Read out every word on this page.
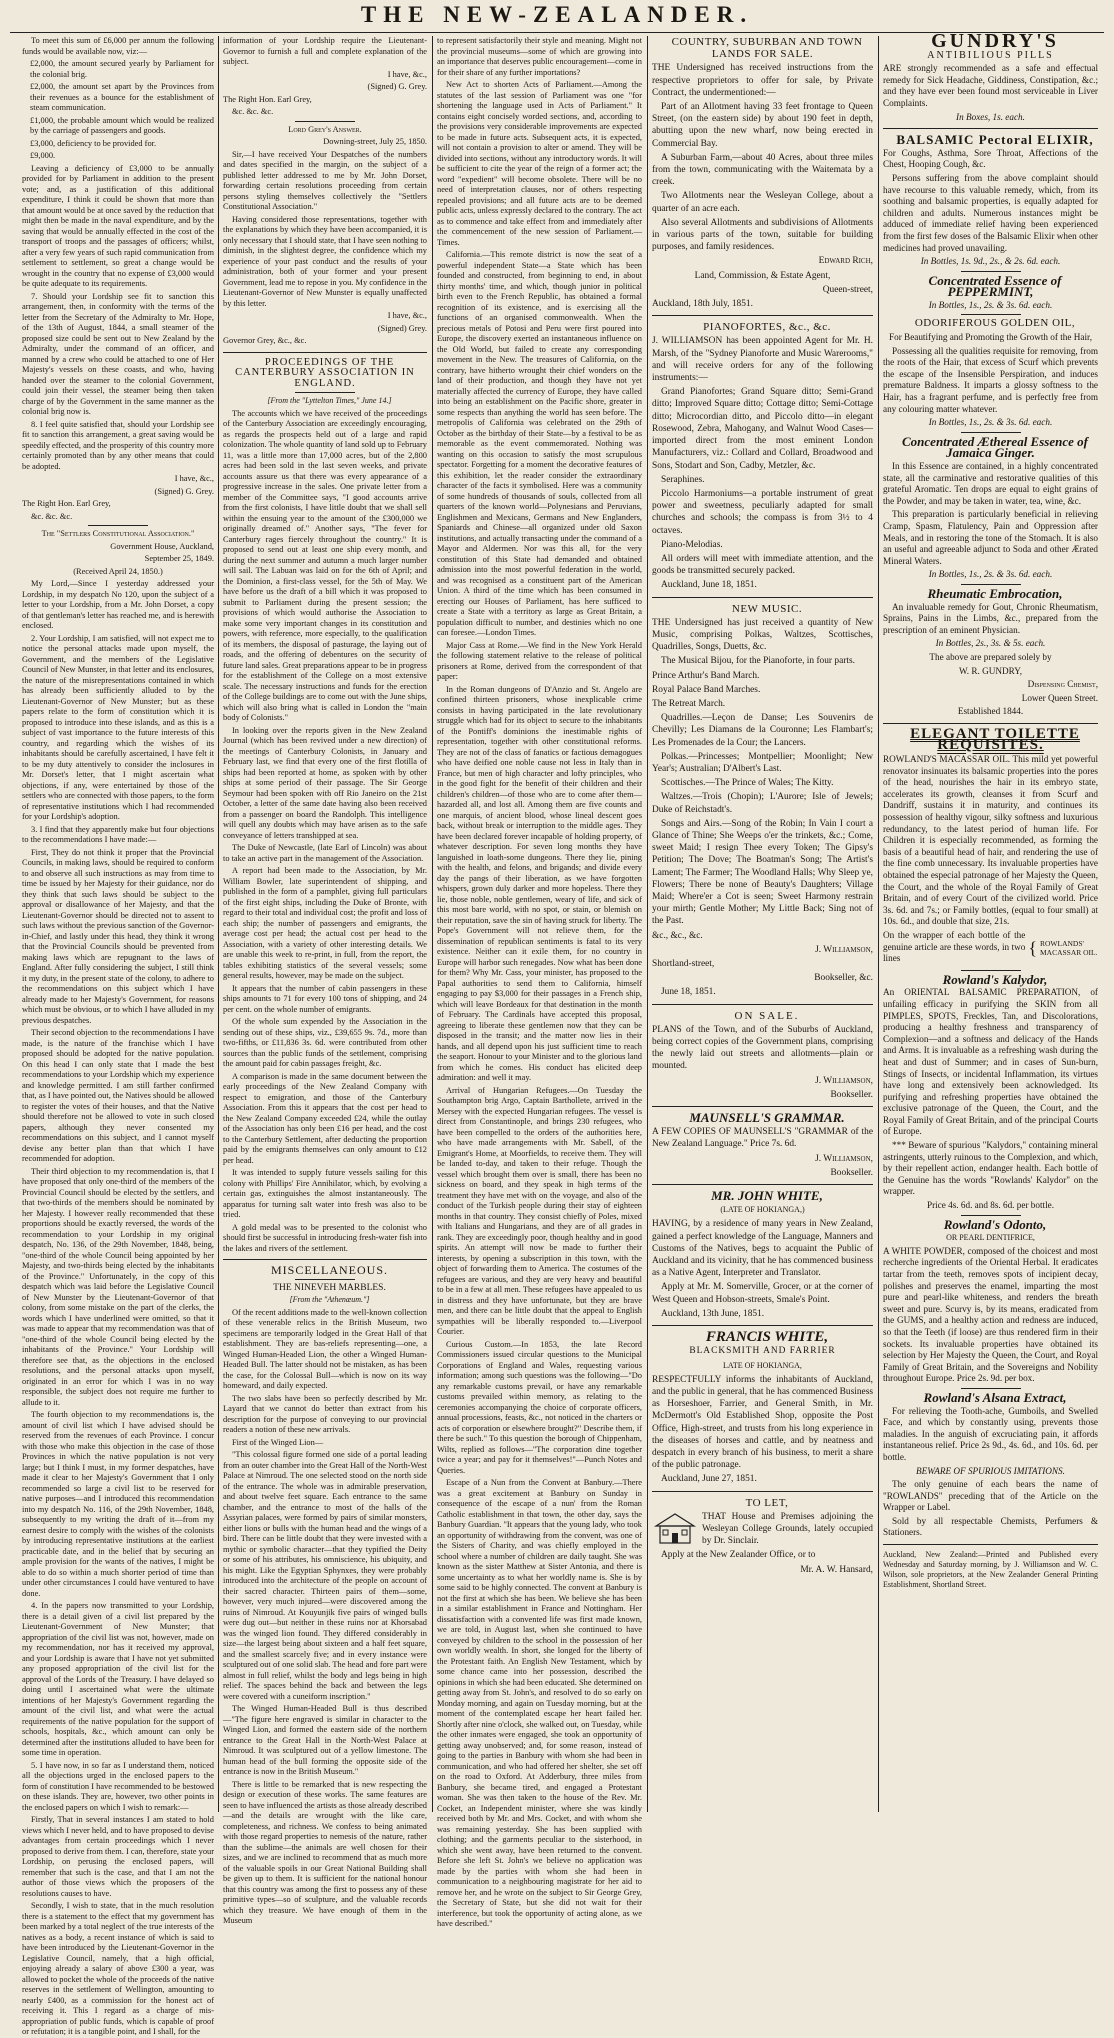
THE NEW-ZEALANDER.

To meet this sum of £6,000 per annum the following funds would be available now, viz:—

£2,000, the amount secured yearly by Parliament for the colonial brig.

£2,000, the amount set apart by the Provinces from their revenues as a bounce for the establishment of steam communication.

£1,000, the probable amount which would be realized by the carriage of passengers and goods.

£3,000, deficiency to be provided for.

£9,000.

Leaving a deficiency of £3,000 to be annually provided for by Parliament in addition to the present vote; and, as a justification of this additional expenditure, I think it could be shown that more than that amount would be at once saved by the reduction that might then be made in the naval expenditure, and by the saving that would be annually effected in the cost of the transport of troops and the passages of officers; whilst, after a very few years of such rapid communication from settlement to settlement, so great a change would be wrought in the country that no expense of £3,000 would be quite adequate to its requirements.

7. Should your Lordship see fit to sanction this arrangement, then, in conformity with the terms of the letter from the Secretary of the Admiralty to Mr. Hope, of the 13th of August, 1844, a small steamer of the proposed size could be sent out to New Zealand by the Admiralty, under the command of an officer, and manned by a crew who could be attached to one of Her Majesty's vessels on these coasts, and who, having handed over the steamer to the colonial Government, could join their vessel, the steamer being then taken charge of by the Government in the same manner as the colonial brig now is.

8. I feel quite satisfied that, should your Lordship see fit to sanction this arrangement, a great saving would be speedily effected, and the prosperity of this country more certainly promoted than by any other means that could be adopted.

I have, &c.,

(Signed) G. Grey.

The Right Hon. Earl Grey,

&c. &c. &c.

The "Settlers Constitutional Association."

Government House, Auckland,

September 25, 1849.

(Received April 24, 1850.)

My Lord,—Since I yesterday addressed your Lordship, in my despatch No 120, upon the subject of a letter to your Lordship, from a Mr. John Dorset, a copy of that gentleman's letter has reached me, and is herewith enclosed.

2. Your Lordship, I am satisfied, will not expect me to notice the personal attacks made upon myself, the Government, and the members of the Legislative Council of New Munster, in that letter and its enclosures, the nature of the misrepresentations contained in which has already been sufficiently alluded to by the Lieutenant-Governor of New Munster; but as these papers relate to the form of constitution which it is proposed to introduce into these islands, and as this is a subject of vast importance to the future interests of this country, and regarding which the wishes of its inhabitants should be carefully ascertained, I have felt it to be my duty attentively to consider the inclosures in Mr. Dorset's letter, that I might ascertain what objections, if any, were entertained by those of the settlers who are connected with those papers, to the form of representative institutions which I had recommended for your Lordship's adoption.

3. I find that they apparently make but four objections to the recommendations I have made:—

First, They do not think it proper that the Provincial Councils, in making laws, should be required to conform to and observe all such instructions as may from time to time be issued by her Majesty for their guidance, nor do they think that such laws should be subject to the approval or disallowance of her Majesty, and that the Lieutenant-Governor should be directed not to assent to such laws without the previous sanction of the Governor-in-Chief, and lastly under this head, they think it wrong that the Provincial Councils should be prevented from making laws which are repugnant to the laws of England. After fully considering the subject, I still think it my duty, in the present state of the colony, to adhere to the recommendations on this subject which I have already made to her Majesty's Government, for reasons which must be obvious, or to which I have alluded in my previous despatches.

Their second objection to the recommendations I have made, is the nature of the franchise which I have proposed should be adopted for the native population. On this head I can only state that I made the best recommendations to your Lordship which my experience and knowledge permitted. I am still farther confirmed that, as I have pointed out, the Natives should be allowed to register the votes of their houses, and that the Native should therefore not be allowed to vote in such closed papers, although they never consented my recommendations on this subject, and I cannot myself devise any better plan than that which I have recommended for adoption.

Their third objection to my recommendation is, that I have proposed that only one-third of the members of the Provincial Council should be elected by the settlers, and that two-thirds of the members should be nominated by her Majesty. I however really recommended that these proportions should be exactly reversed, the words of the recommendation to your Lordship in my original despatch, No. 136, of the 29th November, 1848, being, "one-third of the whole Council being appointed by her Majesty, and two-thirds being elected by the inhabitants of the Province." Unfortunately, in the copy of this despatch which was laid before the Legislative Council of New Munster by the Lieutenant-Governor of that colony, from some mistake on the part of the clerks, the words which I have underlined were omitted, so that it was made to appear that my recommendation was that of "one-third of the whole Council being elected by the inhabitants of the Province." Your Lordship will therefore see that, as the objections in the enclosed resolutions, and the personal attacks upon myself, originated in an error for which I was in no way responsible, the subject does not require me further to allude to it.

The fourth objection to my recommendations is, the amount of civil list which I have advised should be reserved from the revenues of each Province. I concur with those who make this objection in the case of those Provinces in which the native population is not very large; but I think I must, in my former despatches, have made it clear to her Majesty's Government that I only recommended so large a civil list to be reserved for native purposes—and I introduced this recommendation into my despatch No. 116, of the 29th November, 1848, subsequently to my writing the draft of it—from my earnest desire to comply with the wishes of the colonists by introducing representative institutions at the earliest practicable date, and in the belief that by securing an ample provision for the wants of the natives, I might be able to do so within a much shorter period of time than under other circumstances I could have ventured to have done.

4. In the papers now transmitted to your Lordship, there is a detail given of a civil list prepared by the Lieutenant-Government of New Munster; that appropriation of the civil list was not, however, made on my recommendation, nor has it received my approval, and your Lordship is aware that I have not yet submitted any proposed appropriation of the civil list for the approval of the Lords of the Treasury. I have delayed so doing until I ascertained what were the ultimate intentions of her Majesty's Government regarding the amount of the civil list, and what were the actual requirements of the native population for the support of schools, hospitals, &c., which amount can only be determined after the institutions alluded to have been for some time in operation.

5. I have now, in so far as I understand them, noticed all the objections urged in the enclosed papers to the form of constitution I have recommended to be bestowed on these islands. They are, however, two other points in the enclosed papers on which I wish to remark:—

Firstly, That in several instances I am stated to hold views which I never held, and to have proposed to devise advantages from certain proceedings which I never proposed to derive from them. I can, therefore, state your Lordship, on perusing the enclosed papers, will remember that such is the case, and that I am not the author of those views which the proposers of the resolutions causes to have.

Secondly, I wish to state, that in the much resolution there is a statement to the effect that my government has been marked by a total neglect of the true interests of the natives as a body, a recent instance of which is said to have been introduced by the Lieutenant-Governor in the Legislative Council, namely, that a high official, enjoying already a salary of above £300 a year, was allowed to pocket the whole of the proceeds of the native reserves in the settlement of Wellington, amounting to nearly £400, as a commission for the honest act of receiving it. This I regard as a charge of mis-appropriation of public funds, which is capable of proof or refutation; it is a tangible point, and I shall, for the

information of your Lordship require the Lieutenant-Governor to furnish a full and complete explanation of the subject.

I have, &c.,

(Signed) G. Grey.

The Right Hon. Earl Grey,

&c. &c. &c.

Lord Grey's Answer.

Downing-street, July 25, 1850.

Sir,—I have received Your Despatches of the numbers and dates specified in the margin, on the subject of a published letter addressed to me by Mr. John Dorset, forwarding certain resolutions proceeding from certain persons styling themselves collectively the "Settlers Constitutional Association."

Having considered those representations, together with the explanations by which they have been accompanied, it is only necessary that I should state, that I have seen nothing to diminish, in the slightest degree, the confidence which my experience of your past conduct and the results of your administration, both of your former and your present Government, lead me to repose in you. My confidence in the Lieutenant-Governor of New Munster is equally unaffected by this letter.

I have, &c.,

(Signed) Grey.

Governor Grey, &c., &c.

PROCEEDINGS OF THE CANTERBURY ASSOCIATION IN ENGLAND.

[From the "Lyttelton Times," June 14.]

The accounts which we have received of the proceedings of the Canterbury Association are exceedingly encouraging, as regards the prospects held out of a large and rapid colonization. The whole quantity of land sold up to February 11, was a little more than 17,000 acres, but of the 2,800 acres had been sold in the last seven weeks, and private accounts assure us that there was every appearance of a progressive increase in the sales. One private letter from a member of the Committee says, "I good accounts arrive from the first colonists, I have little doubt that we shall sell within the ensuing year to the amount of the £300,000 we originally dreamed of." Another says, "The fever for Canterbury rages fiercely throughout the country." It is proposed to send out at least one ship every month, and during the next summer and autumn a much larger number will sail. The Labuan was laid on for the 6th of April; and the Dominion, a first-class vessel, for the 5th of May. We have before us the draft of a bill which it was proposed to submit to Parliament during the present session; the provisions of which would authorise the Association to make some very important changes in its constitution and powers, with reference, more especially, to the qualification of its members, the disposal of pasturage, the laying out of roads, and the offering of debentures on the security of future land sales. Great preparations appear to be in progress for the establishment of the College on a most extensive scale. The necessary instructions and funds for the erection of the College buildings are to come out with the June ships, which will also bring what is called in London the "main body of Colonists."

In looking over the reports given in the New Zealand Journal (which has been revived under a new direction) of the meetings of Canterbury Colonists, in January and February last, we find that every one of the first flotilla of ships had been reported at home, as spoken with by other ships at some period of their passage. The Sir George Seymour had been spoken with off Rio Janeiro on the 21st October, a letter of the same date having also been received from a passenger on board the Randolph. This intelligence will quell any doubts which may have arisen as to the safe conveyance of letters transhipped at sea.

The Duke of Newcastle, (late Earl of Lincoln) was about to take an active part in the management of the Association.

A report had been made to the Association, by Mr. William Bowler, late superintendent of shipping, and published in the form of a pamphlet, giving full particulars of the first eight ships, including the Duke of Bronte, with regard to their total and individual cost; the profit and loss of each ship; the number of passengers and emigrants, the average cost per head; the actual cost per head to the Association, with a variety of other interesting details. We are unable this week to re-print, in full, from the report, the tables exhibiting statistics of the several vessels; some general results, however, may be made on the subject.

It appears that the number of cabin passengers in these ships amounts to 71 for every 100 tons of shipping, and 24 per cent. on the whole number of emigrants.

Of the whole sum expended by the Association in the sending out of these ships, viz., £39,655 9s. 7d., more than two-fifths, or £11,836 3s. 6d. were contributed from other sources than the public funds of the settlement, comprising the amount paid for cabin passages freight, &c.

A comparison is made in the same document between the early proceedings of the New Zealand Company with respect to emigration, and those of the Canterbury Association. From this it appears that the cost per head to the New Zealand Company exceeded £24, while the outlay of the Association has only been £16 per head, and the cost to the Canterbury Settlement, after deducting the proportion paid by the emigrants themselves can only amount to £12 per head.

It was intended to supply future vessels sailing for this colony with Phillips' Fire Annihilator, which, by evolving a certain gas, extinguishes the almost instantaneously. The apparatus for turning salt water into fresh was also to be tried.

A gold medal was to be presented to the colonist who should first be successful in introducing fresh-water fish into the lakes and rivers of the settlement.

MISCELLANEOUS.

THE NINEVEH MARBLES.

[From the "Athenæum."]

Of the recent additions made to the well-known collection of these venerable relics in the British Museum, two specimens are temporarily lodged in the Great Hall of that establishment. They are bas-reliefs representing—one, a Winged Human-Headed Lion, the other a Winged Human-Headed Bull. The latter should not be mistaken, as has been the case, for the Colossal Bull—which is now on its way homeward, and daily expected.

The two slabs have been so perfectly described by Mr. Layard that we cannot do better than extract from his description for the purpose of conveying to our provincial readers a notion of these new arrivals.

First of the Winged Lion—

"This colossal figure formed one side of a portal leading from an outer chamber into the Great Hall of the North-West Palace at Nimroud. The one selected stood on the north side of the entrance. The whole was in admirable preservation, and about twelve feet square. Each entrance to the same chamber, and the entrance to most of the halls of the Assyrian palaces, were formed by pairs of similar monsters, either lions or bulls with the human head and the wings of a bird. There can be little doubt that they were invested with a mythic or symbolic character—that they typified the Deity or some of his attributes, his omniscience, his ubiquity, and his might. Like the Egyptian Sphynxes, they were probably introduced into the architecture of the people on account of their sacred character. Thirteen pairs of them—some, however, very much injured—were discovered among the ruins of Nimroud. At Kouyunjik five pairs of winged bulls were dug out—but neither in these ruins nor at Khorsabad was the winged lion found. They differed considerably in size—the largest being about sixteen and a half feet square, and the smallest scarcely five; and in every instance were sculptured out of one solid slab. The head and fore part were almost in full relief, whilst the body and legs being in high relief. The spaces behind the back and between the legs were covered with a cuneiform inscription."

The Winged Human-Headed Bull is thus described—"The figure here engraved is similar in character to the Winged Lion, and formed the eastern side of the northern entrance to the Great Hall in the North-West Palace at Nimroud. It was sculptured out of a yellow limestone. The human head of the bull forming the opposite side of the entrance is now in the British Museum."

There is little to be remarked that is new respecting the design or execution of these works. The same features are seen to have influenced the artists as those already described—and the details are wrought with the like care, completeness, and richness. We confess to being animated with those regard properties to nemesis of the nature, rather than the sublime—the animals are well chosen for their sizes, and we are inclined to recommend that as much more of the valuable spoils in our Great National Building shall be given up to them. It is sufficient for the national honour that this country was among the first to possess any of these primitive types—so of sculpture, and the valuable records which they treasure. We have enough of them in the Museum

to represent satisfactorily their style and meaning. Might not the provincial museums—some of which are growing into an importance that deserves public encouragement—come in for their share of any further importations?

New Act to shorten Acts of Parliament.—Among the statutes of the last session of Parliament was one "for shortening the language used in Acts of Parliament." It contains eight concisely worded sections, and, according to the provisions very considerable improvements are expected to be made in future acts. Subsequent acts, it is expected, will not contain a provision to alter or amend. They will be divided into sections, without any introductory words. It will be sufficient to cite the year of the reign of a former act; the word "expedient" will become obsolete. There will be no need of interpretation clauses, nor of others respecting repealed provisions; and all future acts are to be deemed public acts, unless expressly declared to the contrary. The act as to commence and take effect from and immediately after the commencement of the new session of Parliament.—Times.

California.—This remote district is now the seat of a powerful independent State—a State which has been founded and constructed, from beginning to end, in about thirty months' time, and which, though junior in political birth even to the French Republic, has obtained a formal recognition of its existence, and is exercising all the functions of an organised commonwealth. When the precious metals of Potosi and Peru were first poured into Europe, the discovery exerted an instantaneous influence on the Old World, but failed to create any corresponding movement in the New. The treasures of California, on the contrary, have hitherto wrought their chief wonders on the land of their production, and though they have not yet materially affected the currency of Europe, they have called into being an establishment on the Pacific shore, greater in some respects than anything the world has seen before. The metropolis of California was celebrated on the 29th of October as the birthday of their State—by a festival to be as memorable as the event commemorated. Nothing was wanting on this occasion to satisfy the most scrupulous spectator. Forgetting for a moment the decorative features of this exhibition, let the reader consider the extraordinary character of the facts it symbolised. Here was a community of some hundreds of thousands of souls, collected from all quarters of the known world—Polynesians and Peruvians, Englishmen and Mexicans, Germans and New Englanders, Spaniards and Chinese—all organized under old Saxon institutions, and actually transacting under the command of a Mayor and Aldermen. Nor was this all, for the very constitution of this State had demanded and obtained admission into the most powerful federation in the world, and was recognised as a constituent part of the American Union. A third of the time which has been consumed in erecting our Houses of Parliament, has here sufficed to create a State with a territory as large as Great Britain, a population difficult to number, and destinies which no one can foresee.—London Times.

Major Cass at Rome.—We find in the New York Herald the following statement relative to the release of political prisoners at Rome, derived from the correspondent of that paper:

In the Roman dungeons of D'Anzio and St. Angelo are confined thirteen prisoners, whose inexplicable crime consists in having participated in the late revolutionary struggle which had for its object to secure to the inhabitants of the Pontiff's dominions the inestimable rights of representation, together with other constitutional reforms. They are not of the class of fanatics or factious demagogues who have deified one noble cause not less in Italy than in France, but men of high character and lofty principles, who in the good fight for the benefit of their children and their children's children—of those who are to come after them—hazarded all, and lost all. Among them are five counts and one marquis, of ancient blood, whose lineal descent goes back, without break or interruption to the middle ages. They have been declared forever incapable of holding property, of whatever description. For seven long months they have languished in loath-some dungeons. There they lie, pining with the health, and felons, and brigands; and divide every day the pangs of their liberation, as we have forgotten whispers, grown duly darker and more hopeless. There they lie, those noble, noble gentlemen, weary of life, and sick of this most bare world, with no spot, or stain, or blemish on their reputation, save the sin of having struck for liberty. The Pope's Government will not relieve them, for the dissemination of republican sentiments is fatal to its very existence. Neither can it exile them, for no country in Europe will harbor such renegades. Now what has been done for them? Why Mr. Cass, your minister, has proposed to the Papal authorities to send them to California, himself engaging to pay $3,000 for their passages in a French ship, which will leave Bordeaux for that destination in the month of February. The Cardinals have accepted this proposal, agreeing to liberate these gentlemen now that they can be disposed in the transit; and the matter now lies in their hands, and all depend upon his just sufficient time to reach the seaport. Honour to your Minister and to the glorious land from which he comes. His conduct has elicited deep admiration: and well it may.

Arrival of Hungarian Refugees.—On Tuesday the Southampton brig Argo, Captain Barthollete, arrived in the Mersey with the expected Hungarian refugees. The vessel is direct from Constantinople, and brings 230 refugees, who have been compelled to the orders of the authorities here, who have made arrangements with Mr. Sabell, of the Emigrant's Home, at Moorfields, to receive them. They will be landed to-day, and taken to their refuge. Though the vessel which brought them over is small, there has been no sickness on board, and they speak in high terms of the treatment they have met with on the voyage, and also of the conduct of the Turkish people during their stay of eighteen months in that country. They consist chiefly of Poles, mixed with Italians and Hungarians, and they are of all grades in rank. They are exceedingly poor, though healthy and in good spirits. An attempt will now be made to further their interests, by opening a subscription in this town, with the object of forwarding them to America. The costumes of the refugees are various, and they are very heavy and beautiful to be in a few at all men. These refugees have appealed to us in distress and they have unfortunate, but they are brave men, and there can be little doubt that the appeal to English sympathies will be liberally responded to.—Liverpool Courier.

Curious Custom.—In 1853, the late Record Commissioners issued circular questions to the Municipal Corporations of England and Wales, requesting various information; among such questions was the following—"Do any remarkable customs prevail, or have any remarkable customs prevailed within memory, as relating to the ceremonies accompanying the choice of corporate officers, annual processions, feasts, &c., not noticed in the charters or acts of corporation or elsewhere brought?" Describe them, if there be such." To this question the borough of Chippenham, Wilts, replied as follows—"The corporation dine together twice a year; and pay for it themselves!"—Punch Notes and Queries.

Escape of a Nun from the Convent at Banbury.—There was a great excitement at Banbury on Sunday in consequence of the escape of a nun' from the Roman Catholic establishment in that town, the other day, says the Banbury Guardian. "It appears that the young lady, who took an opportunity of withdrawing from the convent, was one of the Sisters of Charity, and was chiefly employed in the school where a number of children are daily taught. She was known as the sister Matthew at Sister Antonia, and there is some uncertainty as to what her worldly name is. She is by some said to be highly connected. The convent at Banbury is not the first at which she has been. We believe she has been in a similar establishment in France and Nottingham. Her dissatisfaction with a convented life was first made known, we are told, in August last, when she continued to have conveyed by children to the school in the possession of her own worldly wealth. In short, she longed for the liberty of the Protestant faith. An English New Testament, which by some chance came into her possession, described the opinions in which she had been educated. She determined on getting away from St. John's, and resolved to do so early on Monday morning, and again on Tuesday morning, but at the moment of the contemplated escape her heart failed her. Shortly after nine o'clock, she walked out, on Tuesday, while the other inmates were engaged, she took an opportunity of getting away unobserved; and, for some reason, instead of going to the parties in Banbury with whom she had been in communication, and who had offered her shelter, she set off on the road to Oxford. At Adderbury, three miles from Banbury, she became tired, and engaged a Protestant woman. She was then taken to the house of the Rev. Mr. Cocket, an Independent minister, where she was kindly received both by Mr. and Mrs. Cocket, and with whom she was remaining yesterday. She has been supplied with clothing; and the garments peculiar to the sisterhood, in which she went away, have been returned to the convent. Before she left St. John's we believe no application was made by the parties with whom she had been in communication to a neighbouring magistrate for her aid to remove her, and he wrote on the subject to Sir George Grey, the Secretary of State, but she did not wait for their interference, but took the opportunity of acting alone, as we have described."

COUNTRY, SUBURBAN AND TOWN LANDS FOR SALE.

THE Undersigned has received instructions from the respective proprietors to offer for sale, by Private Contract, the undermentioned:—

Part of an Allotment having 33 feet frontage to Queen Street, (on the eastern side) by about 190 feet in depth, abutting upon the new wharf, now being erected in Commercial Bay.

A Suburban Farm,—about 40 Acres, about three miles from the town, communicating with the Waitemata by a creek.

Two Allotments near the Wesleyan College, about a quarter of an acre each.

Also several Allotments and subdivisions of Allotments in various parts of the town, suitable for building purposes, and family residences.

Edward Rich,

Land, Commission, & Estate Agent,

Queen-street,

Auckland, 18th July, 1851.

PIANOFORTES, &c., &c.

J. WILLIAMSON has been appointed Agent for Mr. H. Marsh, of the "Sydney Pianoforte and Music Warerooms," and will receive orders for any of the following instruments:—

Grand Pianofortes; Grand Square ditto; Semi-Grand ditto; Improved Square ditto; Cottage ditto; Semi-Cottage ditto; Microcordian ditto, and Piccolo ditto—in elegant Rosewood, Zebra, Mahogany, and Walnut Wood Cases—imported direct from the most eminent London Manufacturers, viz.: Collard and Collard, Broadwood and Sons, Stodart and Son, Cadby, Metzler, &c.

Seraphines.

Piccolo Harmoniums—a portable instrument of great power and sweetness, peculiarly adapted for small churches and schools; the compass is from 3½ to 4 octaves.

Piano-Melodias.

All orders will meet with immediate attention, and the goods be transmitted securely packed.

Auckland, June 18, 1851.

NEW MUSIC.

THE Undersigned has just received a quantity of New Music, comprising Polkas, Waltzes, Scottisches, Quadrilles, Songs, Duetts, &c.

The Musical Bijou, for the Pianoforte, in four parts.

Prince Arthur's Band March.

Royal Palace Band Marches.

The Retreat March.

Quadrilles.—Leçon de Danse; Les Souvenirs de Chevilly; Les Diamans de la Couronne; Les Flambart's; Les Promenades de la Cour; the Lancers.

Polkas.—Princesses; Montpellier; Moonlight; New Year's; Australian; D'Albert's Last.

Scottisches.—The Prince of Wales; The Kitty.

Waltzes.—Trois (Chopin); L'Aurore; Isle of Jewels; Duke of Reichstadt's.

Songs and Airs.—Song of the Robin; In Vain I court a Glance of Thine; She Weeps o'er the trinkets, &c.; Come, sweet Maid; I resign Thee every Token; The Gipsy's Petition; The Dove; The Boatman's Song; The Artist's Lament; The Farmer; The Woodland Halls; Why Sleep ye, Flowers; There be none of Beauty's Daughters; Village Maid; Where'er a Cot is seen; Sweet Harmony restrain your mirth; Gentle Mother; My Little Back; Sing not of the Past.

&c., &c., &c.

J. Williamson,

Shortland-street,

Bookseller, &c.

June 18, 1851.

ON SALE.

PLANS of the Town, and of the Suburbs of Auckland, being correct copies of the Government plans, comprising the newly laid out streets and allotments—plain or mounted.

J. Williamson,

Bookseller.

MAUNSELL'S GRAMMAR.

A FEW COPIES OF MAUNSELL'S "GRAMMAR of the New Zealand Language." Price 7s. 6d.

J. Williamson,

Bookseller.

MR. JOHN WHITE,

(LATE OF HOKIANGA,)

HAVING, by a residence of many years in New Zealand, gained a perfect knowledge of the Language, Manners and Customs of the Natives, begs to acquaint the Public of Auckland and its vicinity, that he has commenced business as a Native Agent, Interpreter and Translator.

Apply at Mr. M. Somerville, Grocer, or at the corner of West Queen and Hobson-streets, Smale's Point.

Auckland, 13th June, 1851.

FRANCIS WHITE,

BLACKSMITH AND FARRIER

LATE OF HOKIANGA,

RESPECTFULLY informs the inhabitants of Auckland, and the public in general, that he has commenced Business as Horseshoer, Farrier, and General Smith, in Mr. McDermott's Old Established Shop, opposite the Post Office, High-street, and trusts from his long experience in the diseases of horses and cattle, and by neatness and despatch in every branch of his business, to merit a share of the public patronage.

Auckland, June 27, 1851.

TO LET,

THAT House and Premises adjoining the Wesleyan College Grounds, lately occupied by Dr. Sinclair.

Apply at the New Zealander Office, or to

Mr. A. W. Hansard,

GUNDRY'S

ANTIBILIOUS PILLS

ARE strongly recommended as a safe and effectual remedy for Sick Headache, Giddiness, Constipation, &c.; and they have ever been found most serviceable in Liver Complaints.

In Boxes, 1s. each.

BALSAMIC Pectoral ELIXIR,

For Coughs, Asthma, Sore Throat, Affections of the Chest, Hooping Cough, &c.

Persons suffering from the above complaint should have recourse to this valuable remedy, which, from its soothing and balsamic properties, is equally adapted for children and adults. Numerous instances might be adduced of immediate relief having been experienced from the first few doses of the Balsamic Elixir when other medicines had proved unavailing.

In Bottles, 1s. 9d., 2s., & 2s. 6d. each.

Concentrated Essence of PEPPERMINT,

In Bottles, 1s., 2s. & 3s. 6d. each.

ODORIFEROUS GOLDEN OIL,

For Beautifying and Promoting the Growth of the Hair,

Possessing all the qualities requisite for removing, from the roots of the Hair, that excess of Scurf which prevents the escape of the Insensible Perspiration, and induces premature Baldness. It imparts a glossy softness to the Hair, has a fragrant perfume, and is perfectly free from any colouring matter whatever.

In Bottles, 1s., 2s. & 3s. 6d. each.

Concentrated Æthereal Essence of Jamaica Ginger.

In this Essence are contained, in a highly concentrated state, all the carminative and restorative qualities of this grateful Aromatic. Ten drops are equal to eight grains of the Powder, and may be taken in water, tea, wine, &c.

This preparation is particularly beneficial in relieving Cramp, Spasm, Flatulency, Pain and Oppression after Meals, and in restoring the tone of the Stomach. It is also an useful and agreeable adjunct to Soda and other Ærated Mineral Waters.

In Bottles, 1s., 2s. & 3s. 6d. each.

Rheumatic Embrocation,

An invaluable remedy for Gout, Chronic Rheumatism, Sprains, Pains in the Limbs, &c., prepared from the prescription of an eminent Physician.

In Bottles, 2s., 3s. & 5s. each.

The above are prepared solely by

W. R. GUNDRY,

Dispensing Chemist,

Lower Queen Street.

Established 1844.

ELEGANT TOILETTE REQUISITES.

ROWLAND'S MACASSAR OIL. This mild yet powerful renovator insinuates its balsamic properties into the pores of the head, nourishes the hair in its embryo state, accelerates its growth, cleanses it from Scurf and Dandriff, sustains it in maturity, and continues its possession of healthy vigour, silky softness and luxurious redundancy, to the latest period of human life. For Children it is especially recommended, as forming the basis of a beautiful head of hair, and rendering the use of the fine comb unnecessary. Its invaluable properties have obtained the especial patronage of her Majesty the Queen, the Court, and the whole of the Royal Family of Great Britain, and of every Court of the civilized world. Price 3s. 6d. and 7s.; or Family bottles, (equal to four small) at 10s. 6d., and double that size, 21s.

On the wrapper of each bottle of the genuine article are these words, in two lines

{ ROWLANDS' MACASSAR OIL.

Rowland's Kalydor,

An ORIENTAL BALSAMIC PREPARATION, of unfailing efficacy in purifying the SKIN from all PIMPLES, SPOTS, Freckles, Tan, and Discolorations, producing a healthy freshness and transparency of Complexion—and a softness and delicacy of the Hands and Arms. It is invaluable as a refreshing wash during the heat and dust of Summer; and in cases of Sun-burn, Stings of Insects, or incidental Inflammation, its virtues have long and extensively been acknowledged. Its purifying and refreshing properties have obtained the exclusive patronage of the Queen, the Court, and the Royal Family of Great Britain, and of the principal Courts of Europe.

*** Beware of spurious "Kalydors," containing mineral astringents, utterly ruinous to the Complexion, and which, by their repellent action, endanger health. Each bottle of the Genuine has the words "Rowlands' Kalydor" on the wrapper.

Price 4s. 6d. and 8s. 6d. per bottle.

Rowland's Odonto,

OR PEARL DENTIFRICE,

A WHITE POWDER, composed of the choicest and most recherche ingredients of the Oriental Herbal. It eradicates tartar from the teeth, removes spots of incipient decay, polishes and preserves the enamel, imparting the most pure and pearl-like whiteness, and renders the breath sweet and pure. Scurvy is, by its means, eradicated from the GUMS, and a healthy action and redness are induced, so that the Teeth (if loose) are thus rendered firm in their sockets. Its invaluable properties have obtained its selection by Her Majesty the Queen, the Court, and Royal Family of Great Britain, and the Sovereigns and Nobility throughout Europe. Price 2s. 9d. per box.

Rowland's Alsana Extract,

For relieving the Tooth-ache, Gumboils, and Swelled Face, and which by constantly using, prevents those maladies. In the anguish of excruciating pain, it affords instantaneous relief. Price 2s 9d., 4s. 6d., and 10s. 6d. per bottle.

BEWARE OF SPURIOUS IMITATIONS.

The only genuine of each bears the name of "ROWLANDS" preceding that of the Article on the Wrapper or Label.

Sold by all respectable Chemists, Perfumers & Stationers.

Auckland, New Zealand:—Printed and Published every Wednesday and Saturday morning, by J. Williamson and W. C. Wilson, sole proprietors, at the New Zealander General Printing Establishment, Shortland Street.
